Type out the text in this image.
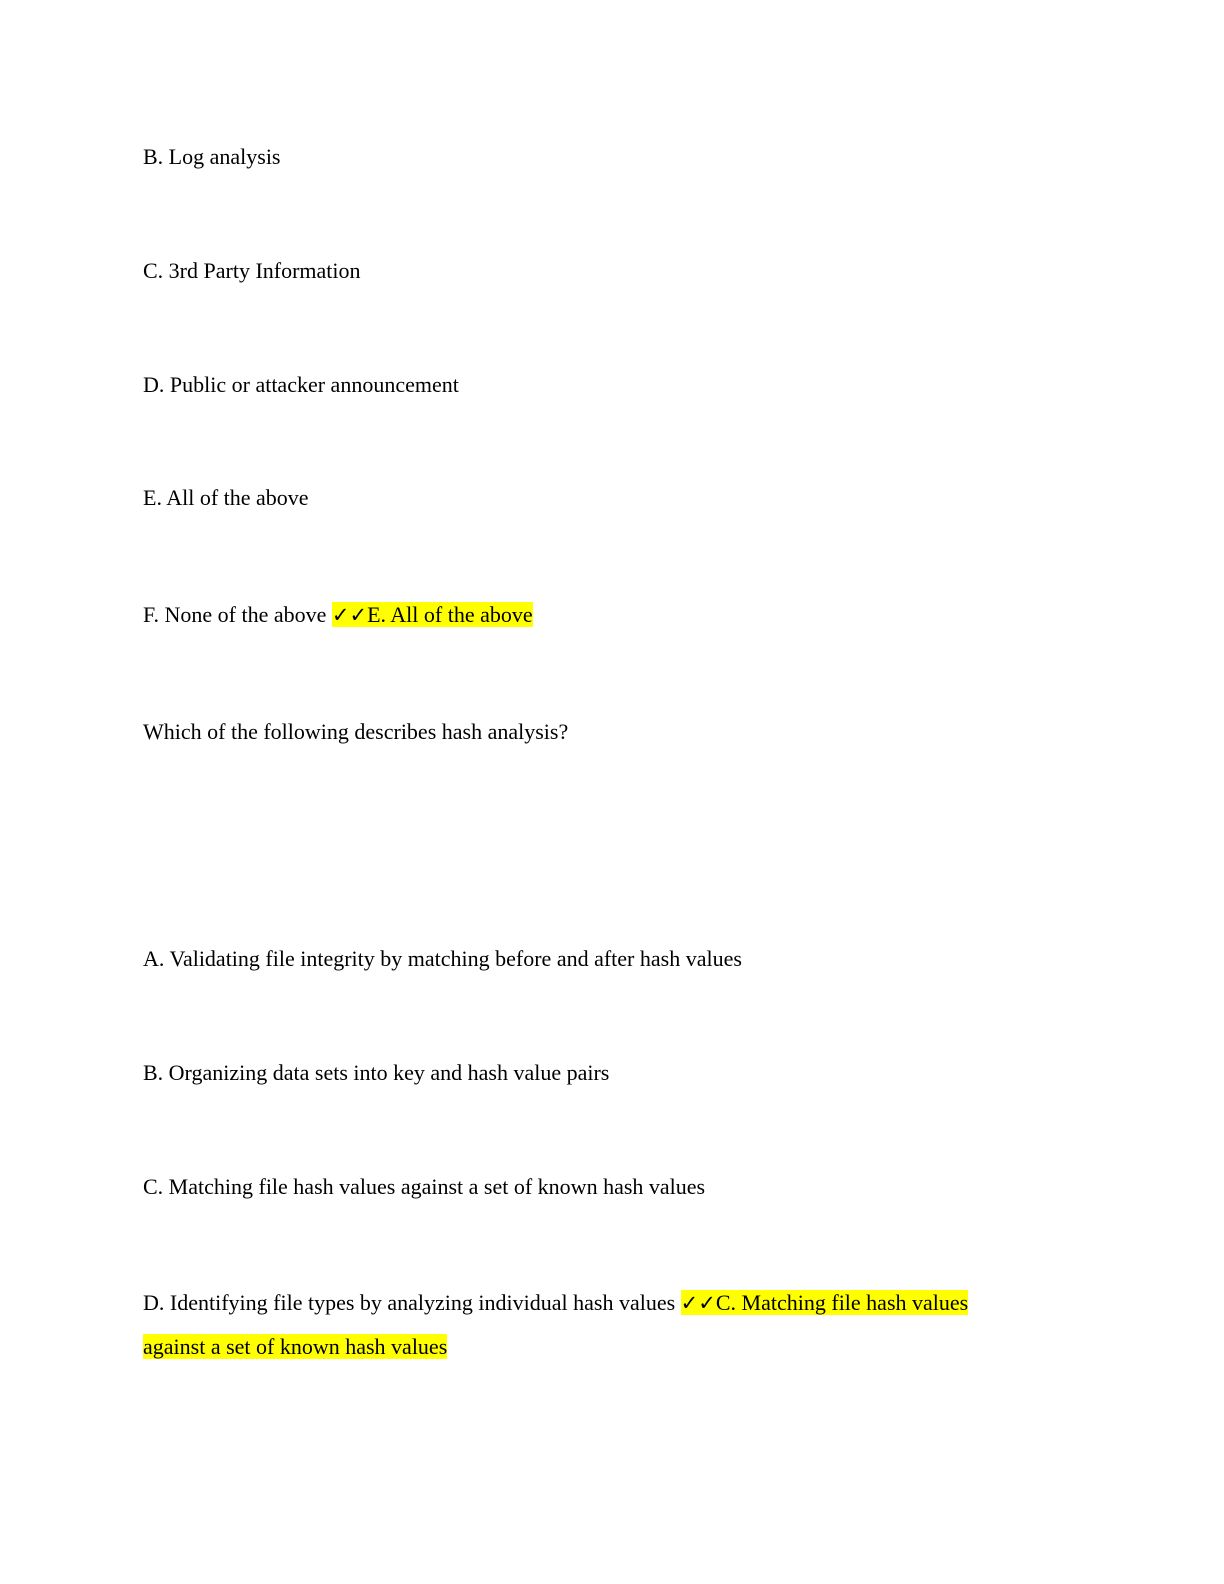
B. Log analysis
C. 3rd Party Information
D. Public or attacker announcement
E. All of the above
F. None of the above ✓✓E. All of the above
Which of the following describes hash analysis?
A. Validating file integrity by matching before and after hash values
B. Organizing data sets into key and hash value pairs
C. Matching file hash values against a set of known hash values
D. Identifying file types by analyzing individual hash values ✓✓C. Matching file hash values
against a set of known hash values
